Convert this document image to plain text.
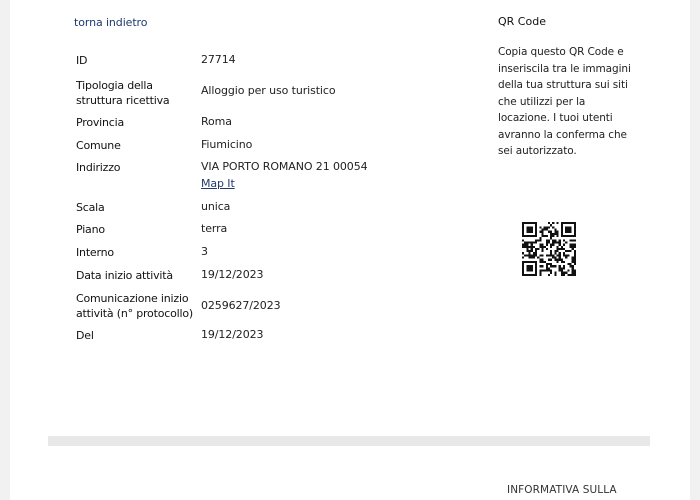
torna indietro
ID	27714
Tipologia della struttura ricettiva	Alloggio per uso turistico
Provincia	Roma
Comune	Fiumicino
Indirizzo	VIA PORTO ROMANO 21 00054
Map It

Scala	unica
Piano	terra
Interno	3
Data inizio attività	19/12/2023
Comunicazione inizio attività (n° protocollo)	0259627/2023
Del	19/12/2023
QR Code

Copia questo QR Code e inseriscila tra le immagini della tua struttura sui siti che utilizzi per la locazione. I tuoi utenti avranno la conferma che sei autorizzato.

INFORMATIVA SULLA
